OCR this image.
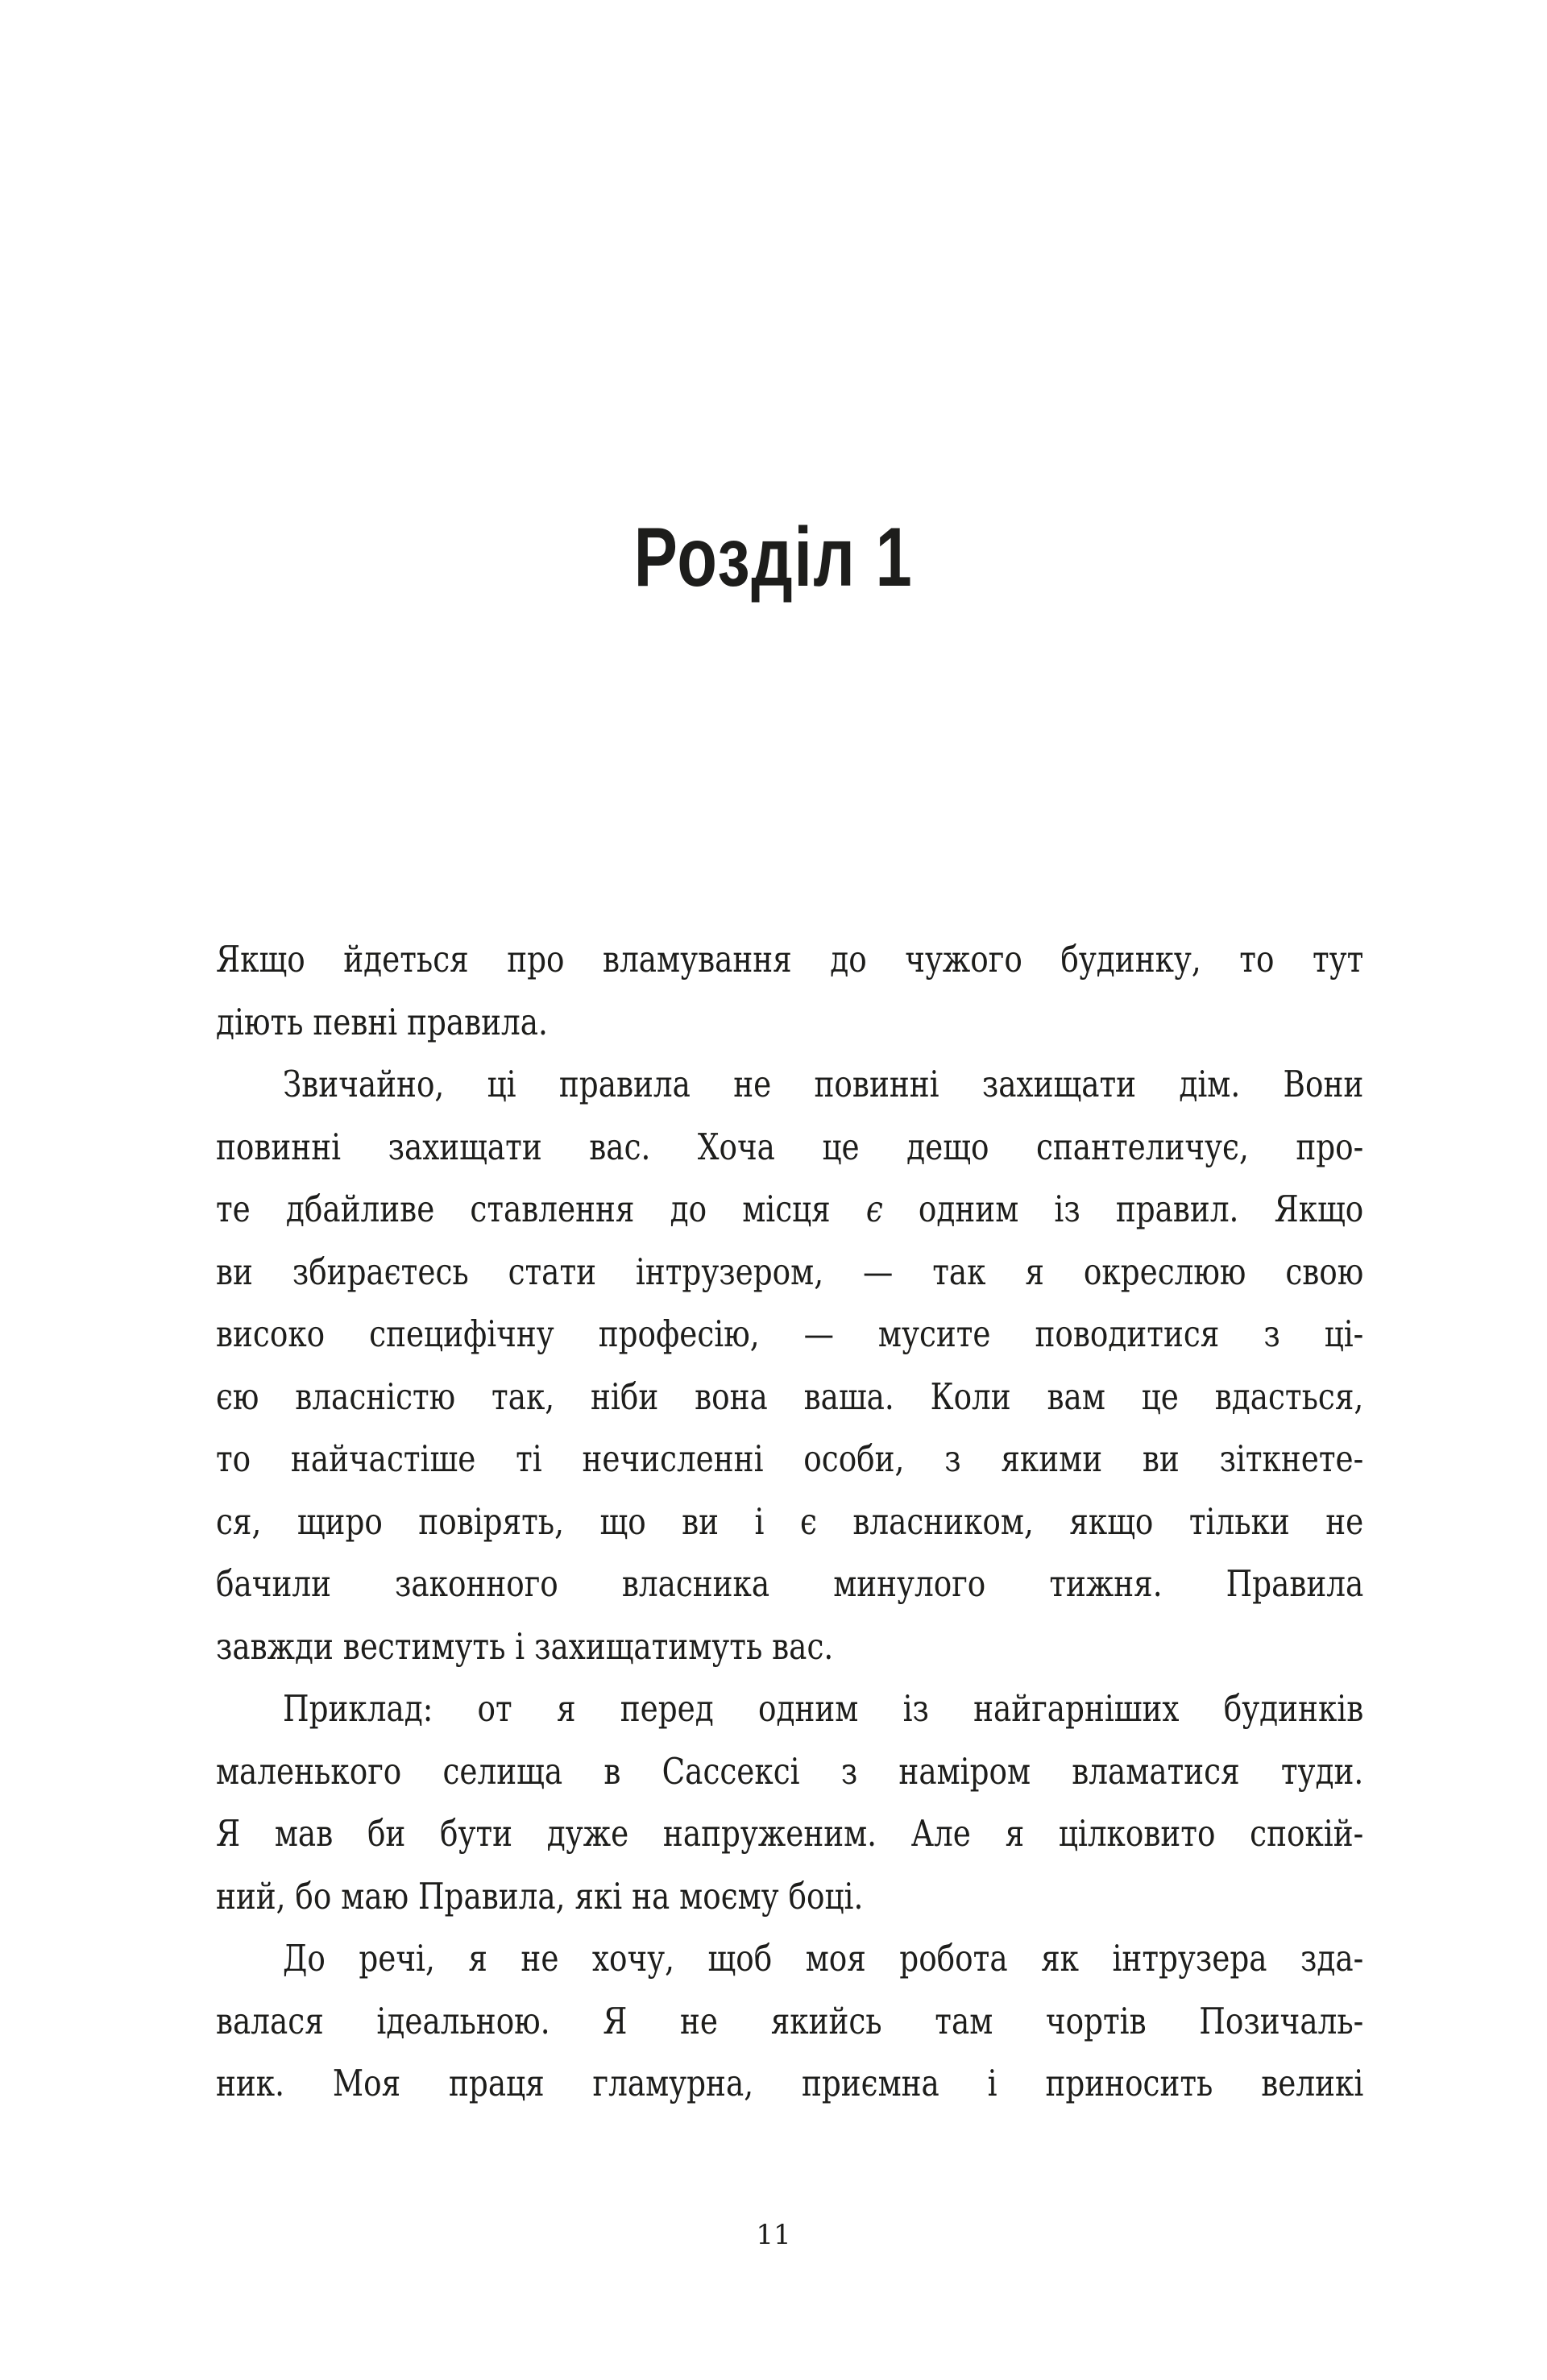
Розділ 1
Якщо йдеться про вламування до чужого будинку, то тут
діють певні правила.
Звичайно, ці правила не повинні захищати дім. Вони
повинні захищати вас. Хоча це дещо спантеличує, про-
те дбайливе ставлення до місця є одним із правил. Якщо
ви збираєтесь стати інтрузером, — так я окреслюю свою
високо специфічну професію, — мусите поводитися з ці-
єю власністю так, ніби вона ваша. Коли вам це вдасться,
то найчастіше ті нечисленні особи, з якими ви зіткнете-
ся, щиро повірять, що ви і є власником, якщо тільки не
бачили законного власника минулого тижня. Правила
завжди вестимуть і захищатимуть вас.
Приклад: от я перед одним із найгарніших будинків
маленького селища в Сассексі з наміром вламатися туди.
Я мав би бути дуже напруженим. Але я цілковито спокій-
ний, бо маю Правила, які на моєму боці.
До речі, я не хочу, щоб моя робота як інтрузера зда-
валася ідеальною. Я не якийсь там чортів Позичаль-
ник. Моя праця гламурна, приємна і приносить великі
11
